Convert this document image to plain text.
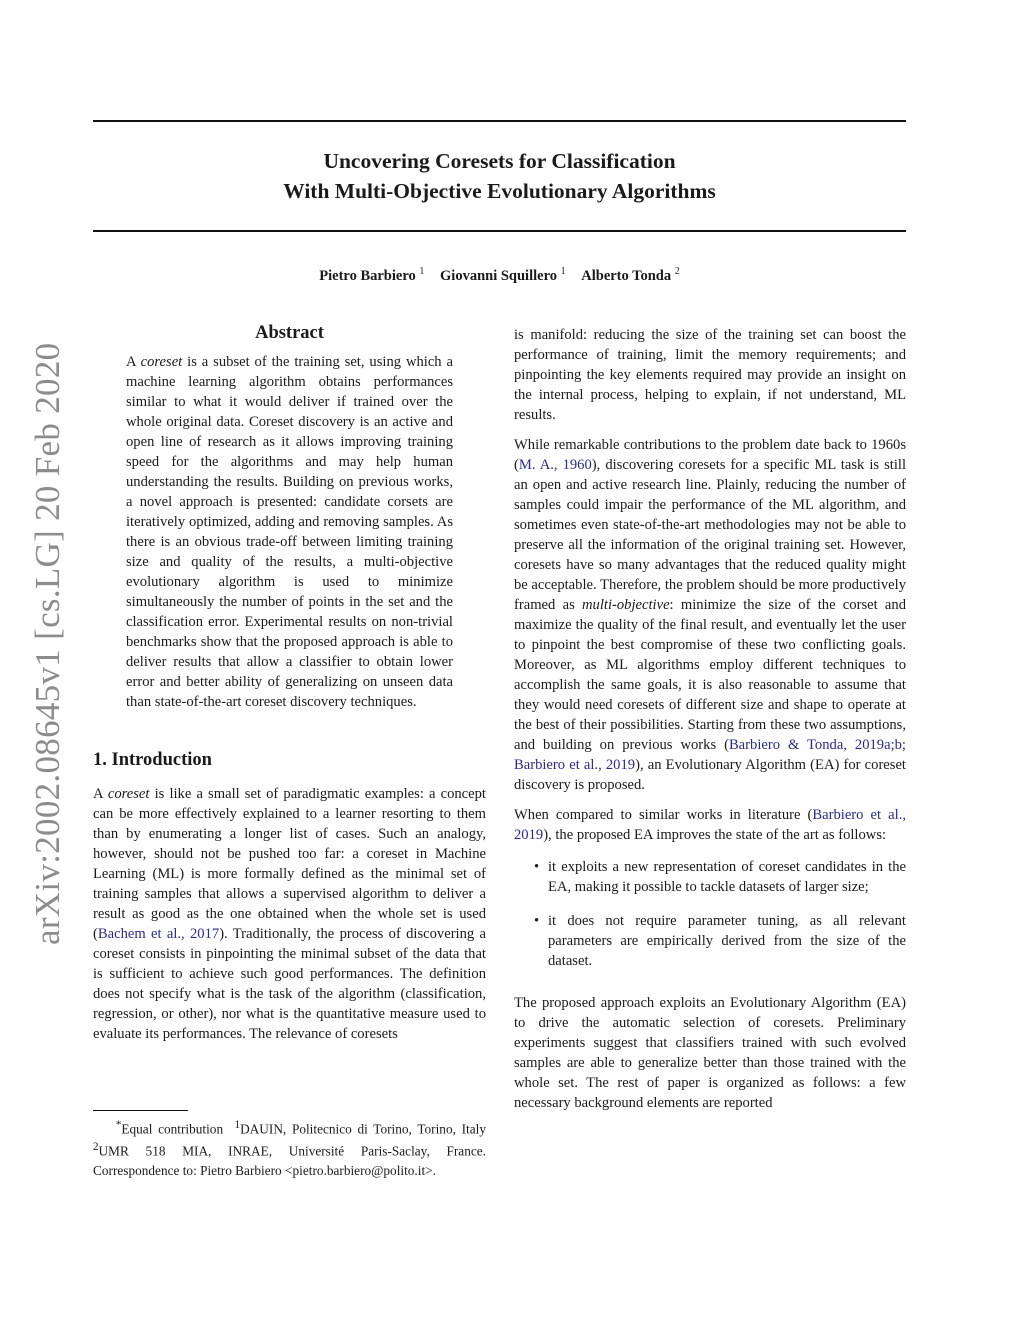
arXiv:2002.08645v1 [cs.LG] 20 Feb 2020
Uncovering Coresets for Classification
With Multi-Objective Evolutionary Algorithms
Pietro Barbiero $^1$ Giovanni Squillero $^1$ Alberto Tonda $^2$
Abstract
A coreset is a subset of the training set, using which a machine learning algorithm obtains performances similar to what it would deliver if trained over the whole original data. Coreset discovery is an active and open line of research as it allows improving training speed for the algorithms and may help human understanding the results. Building on previous works, a novel approach is presented: candidate corsets are iteratively optimized, adding and removing samples. As there is an obvious trade-off between limiting training size and quality of the results, a multi-objective evolutionary algorithm is used to minimize simultaneously the number of points in the set and the classification error. Experimental results on non-trivial benchmarks show that the proposed approach is able to deliver results that allow a classifier to obtain lower error and better ability of generalizing on unseen data than state-of-the-art coreset discovery techniques.
1. Introduction
A coreset is like a small set of paradigmatic examples: a concept can be more effectively explained to a learner resorting to them than by enumerating a longer list of cases. Such an analogy, however, should not be pushed too far: a coreset in Machine Learning (ML) is more formally defined as the minimal set of training samples that allows a supervised algorithm to deliver a result as good as the one obtained when the whole set is used (Bachem et al., 2017). Traditionally, the process of discovering a coreset consists in pinpointing the minimal subset of the data that is sufficient to achieve such good performances. The definition does not specify what is the task of the algorithm (classification, regression, or other), nor what is the quantitative measure used to evaluate its performances. The relevance of coresets
*Equal contribution $^1$DAUIN, Politecnico di Torino, Torino, Italy $^2$UMR 518 MIA, INRAE, Université Paris-Saclay, France. Correspondence to: Pietro Barbiero <pietro.barbiero@polito.it>.

is manifold: reducing the size of the training set can boost the performance of training, limit the memory requirements; and pinpointing the key elements required may provide an insight on the internal process, helping to explain, if not understand, ML results.

While remarkable contributions to the problem date back to 1960s (M. A., 1960), discovering coresets for a specific ML task is still an open and active research line. Plainly, reducing the number of samples could impair the performance of the ML algorithm, and sometimes even state-of-the-art methodologies may not be able to preserve all the information of the original training set. However, coresets have so many advantages that the reduced quality might be acceptable. Therefore, the problem should be more productively framed as multi-objective: minimize the size of the corset and maximize the quality of the final result, and eventually let the user to pinpoint the best compromise of these two conflicting goals. Moreover, as ML algorithms employ different techniques to accomplish the same goals, it is also reasonable to assume that they would need coresets of different size and shape to operate at the best of their possibilities. Starting from these two assumptions, and building on previous works (Barbiero & Tonda, 2019a;b; Barbiero et al., 2019), an Evolutionary Algorithm (EA) for coreset discovery is proposed.

When compared to similar works in literature (Barbiero et al., 2019), the proposed EA improves the state of the art as follows:

• it exploits a new representation of coreset candidates in the EA, making it possible to tackle datasets of larger size;
• it does not require parameter tuning, as all relevant parameters are empirically derived from the size of the dataset.

The proposed approach exploits an Evolutionary Algorithm (EA) to drive the automatic selection of coresets. Preliminary experiments suggest that classifiers trained with such evolved samples are able to generalize better than those trained with the whole set. The rest of paper is organized as follows: a few necessary background elements are reported
